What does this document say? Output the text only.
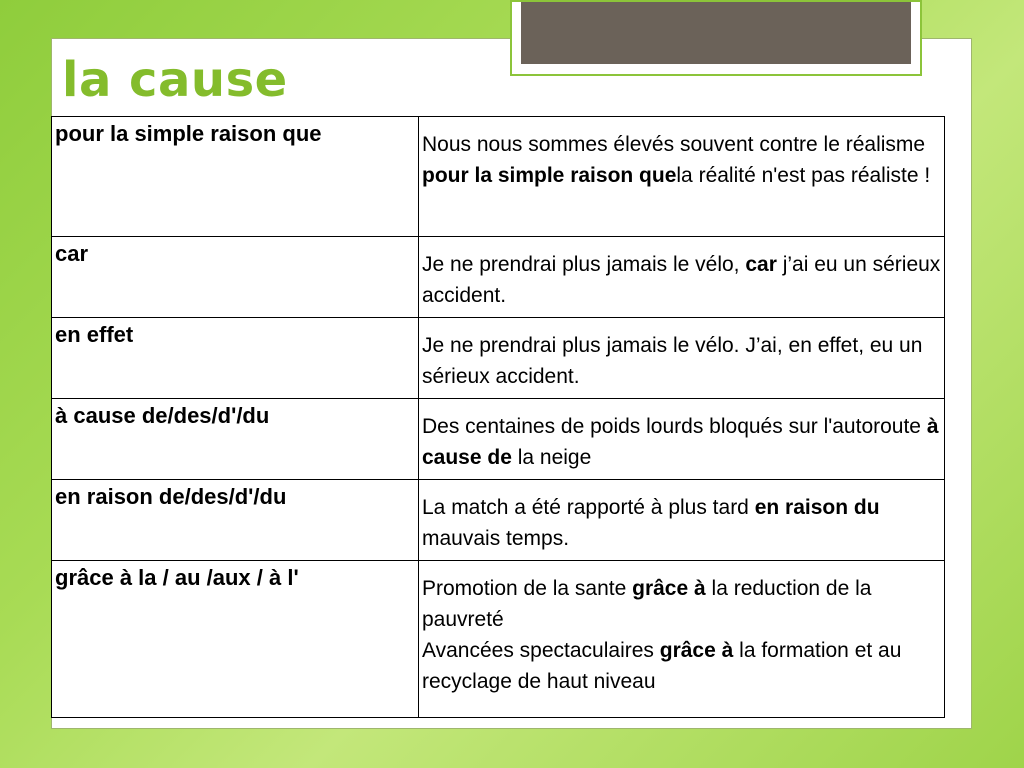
la cause
pour la simple raison que	Nous nous sommes élevés souvent contre le réalisme pour la simple raison quela réalité n'est pas réaliste !
car	Je ne prendrai plus jamais le vélo, car j’ai eu un sérieux accident.
en effet	Je ne prendrai plus jamais le vélo. J’ai, en effet, eu un sérieux accident.
à cause de/des/d'/du	Des centaines de poids lourds bloqués sur l'autoroute à cause de la neige
en raison de/des/d'/du	La match a été rapporté à plus tard en raison du mauvais temps.
grâce à la / au /aux / à l'	Promotion de la sante grâce à la reduction de la pauvreté
Avancées spectaculaires grâce à la formation et au recyclage de haut niveau
